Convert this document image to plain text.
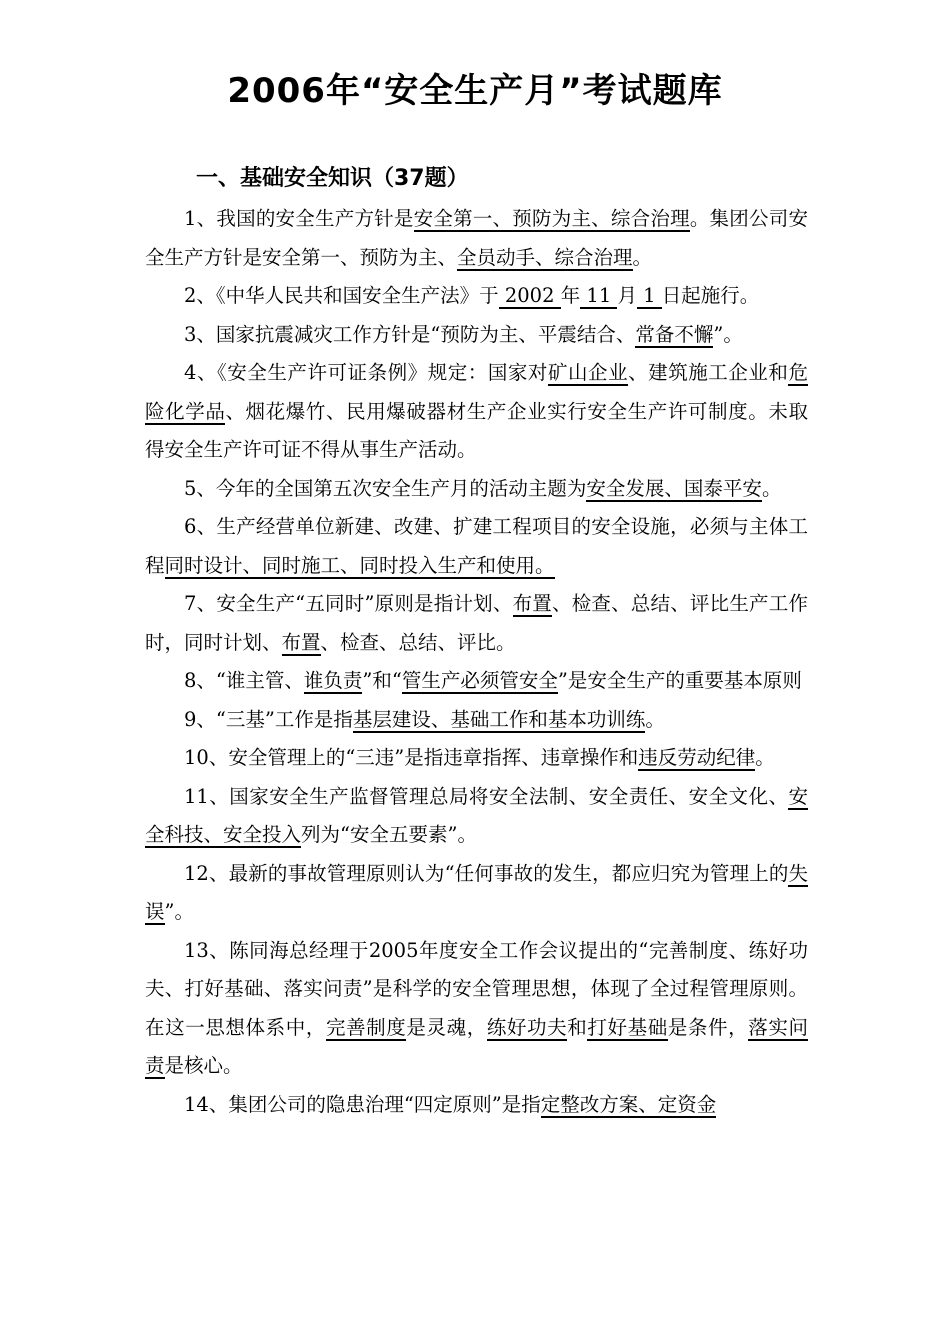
2006年“安全生产月”考试题库
一、基础安全知识（37题）

1、我国的安全生产方针是安全第一、预防为主、综合治理。集团公司安全生产方针是安全第一、预防为主、全员动手、综合治理。

2、《中华人民共和国安全生产法》于 2002 年 11 月 1 日起施行。

3、国家抗震减灾工作方针是“预防为主、平震结合、常备不懈”。

4、《安全生产许可证条例》规定：国家对矿山企业、建筑施工企业和危险化学品、烟花爆竹、民用爆破器材生产企业实行安全生产许可制度。未取得安全生产许可证不得从事生产活动。

5、今年的全国第五次安全生产月的活动主题为安全发展、国泰平安。

6、生产经营单位新建、改建、扩建工程项目的安全设施，必须与主体工程同时设计、同时施工、同时投入生产和使用。

7、安全生产“五同时”原则是指计划、布置、检查、总结、评比生产工作时，同时计划、布置、检查、总结、评比。

8、“谁主管、谁负责”和“管生产必须管安全”是安全生产的重要基本原则

9、“三基”工作是指基层建设、基础工作和基本功训练。

10、安全管理上的“三违”是指违章指挥、违章操作和违反劳动纪律。

11、国家安全生产监督管理总局将安全法制、安全责任、安全文化、安全科技、安全投入列为“安全五要素”。

12、最新的事故管理原则认为“任何事故的发生，都应归究为管理上的失误”。

13、陈同海总经理于2005年度安全工作会议提出的“完善制度、练好功夫、打好基础、落实问责”是科学的安全管理思想，体现了全过程管理原则。在这一思想体系中，完善制度是灵魂，练好功夫和打好基础是条件，落实问责是核心。

14、集团公司的隐患治理“四定原则”是指定整改方案、定资金
